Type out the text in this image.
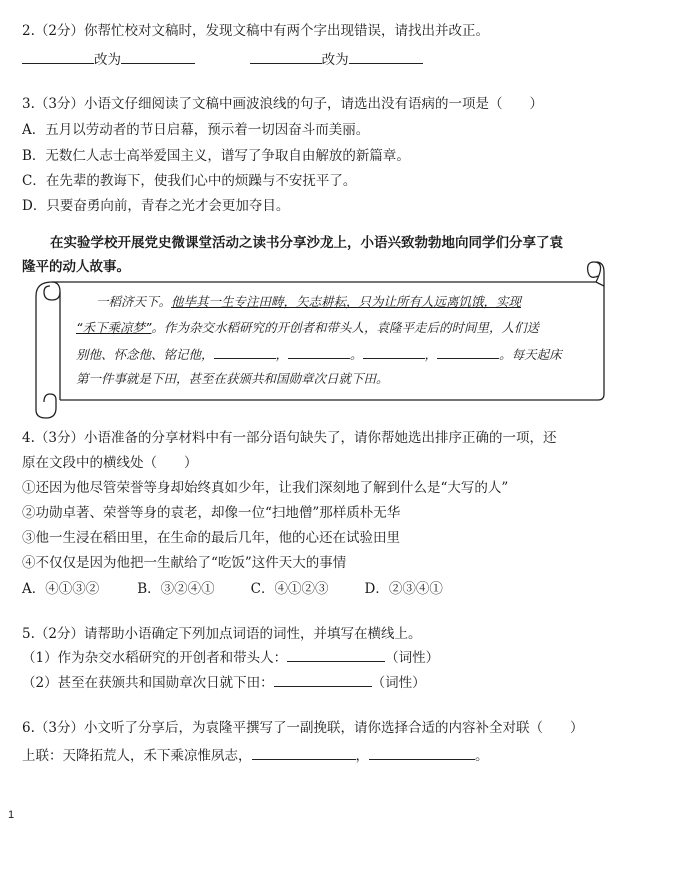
2.（2分）你帮忙校对文稿时，发现文稿中有两个字出现错误，请找出并改正。
改为	改为
3.（3分）小语文仔细阅读了文稿中画波浪线的句子，请选出没有语病的一项是（　　）
A．五月以劳动者的节日启幕，预示着一切因奋斗而美丽。
B．无数仁人志士高举爱国主义，谱写了争取自由解放的新篇章。
C．在先辈的教诲下，使我们心中的烦躁与不安抚平了。
D．只要奋勇向前，青春之光才会更加夺目。
在实验学校开展党史微课堂活动之读书分享沙龙上，小语兴致勃勃地向同学们分享了袁
隆平的动人故事。
一稻济天下。他毕其一生专注田畴，矢志耕耘，只为让所有人远离饥饿，实现
“禾下乘凉梦”。作为杂交水稻研究的开创者和带头人，袁隆平走后的时间里，人们送
别他、怀念他、铭记他，	，	。	，	。每天起床
第一件事就是下田，甚至在获颁共和国勋章次日就下田。
4.（3分）小语准备的分享材料中有一部分语句缺失了，请你帮她选出排序正确的一项，还
原在文段中的横线处（　　）
①还因为他尽管荣誉等身却始终真如少年，让我们深刻地了解到什么是“大写的人”
②功勋卓著、荣誉等身的袁老，却像一位“扫地僧”那样质朴无华
③他一生浸在稻田里，在生命的最后几年，他的心还在试验田里
④不仅仅是因为他把一生献给了“吃饭”这件天大的事情
A．④①③②	B．③②④①	C．④①②③	D．②③④①
5.（2分）请帮助小语确定下列加点词语的词性，并填写在横线上。
（1）作为杂交水稻研究的开创者和带头人：	（词性）
（2）甚至在获颁共和国勋章次日就下田：	（词性）
6.（3分）小文听了分享后，为袁隆平撰写了一副挽联，请你选择合适的内容补全对联（　　）
上联：天降拓荒人，禾下乘凉惟夙志，	，	。
1
